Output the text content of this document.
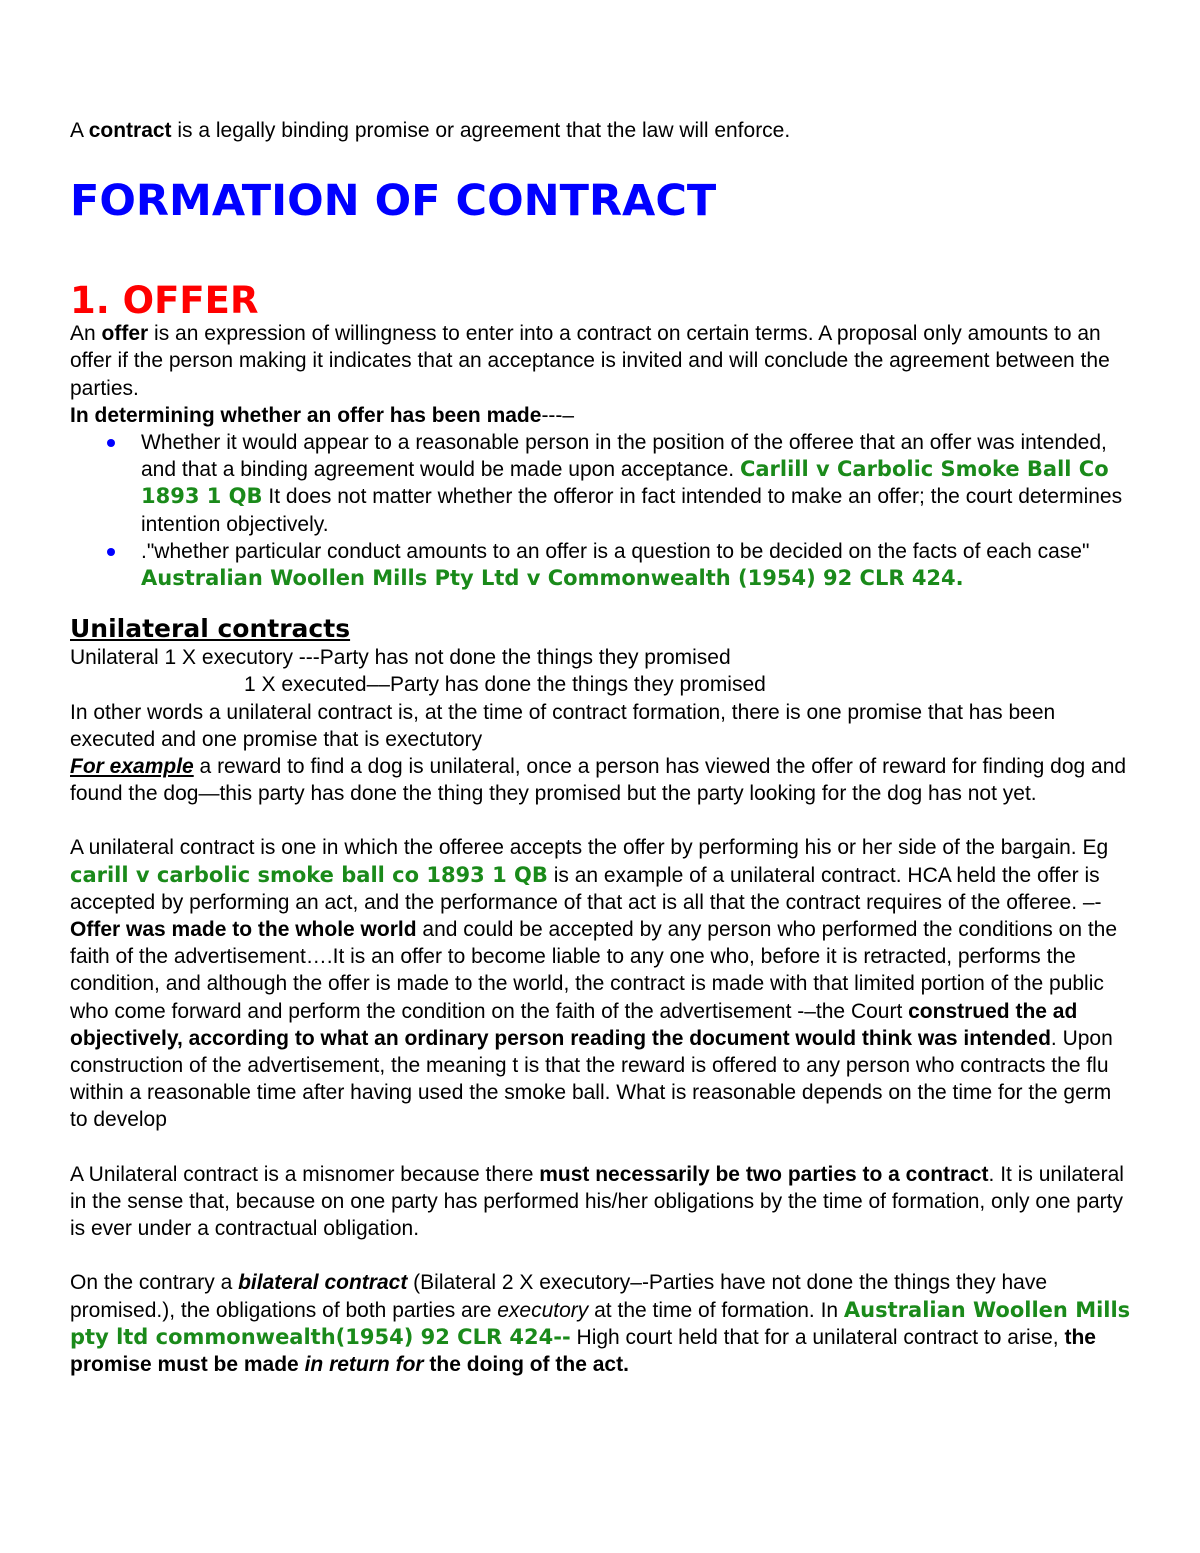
A contract is a legally binding promise or agreement that the law will enforce.

FORMATION OF CONTRACT
1. OFFER

An offer is an expression of willingness to enter into a contract on certain terms. A proposal only amounts to an offer if the person making it indicates that an acceptance is invited and will conclude the agreement between the parties.

In determining whether an offer has been made---–

Whether it would appear to a reasonable person in the position of the offeree that an offer was intended, and that a binding agreement would be made upon acceptance. Carlill v Carbolic Smoke Ball Co 1893 1 QB It does not matter whether the offeror in fact intended to make an offer; the court determines intention objectively.
."whether particular conduct amounts to an offer is a question to be decided on the facts of each case" Australian Woollen Mills Pty Ltd v Commonwealth (1954) 92 CLR 424.
Unilateral contracts

Unilateral 1 X executory ---Party has not done the things they promised

1 X executed––Party has done the things they promised

In other words a unilateral contract is, at the time of contract formation, there is one promise that has been executed and one promise that is exectutory

For example a reward to find a dog is unilateral, once a person has viewed the offer of reward for finding dog and found the dog—this party has done the thing they promised but the party looking for the dog has not yet.

A unilateral contract is one in which the offeree accepts the offer by performing his or her side of the bargain. Eg carill v carbolic smoke ball co 1893 1 QB is an example of a unilateral contract. HCA held the offer is accepted by performing an act, and the performance of that act is all that the contract requires of the offeree. –-Offer was made to the whole world and could be accepted by any person who performed the conditions on the faith of the advertisement….It is an offer to become liable to any one who, before it is retracted, performs the condition, and although the offer is made to the world, the contract is made with that limited portion of the public who come forward and perform the condition on the faith of the advertisement -–the Court construed the ad objectively, according to what an ordinary person reading the document would think was intended. Upon construction of the advertisement, the meaning t is that the reward is offered to any person who contracts the flu within a reasonable time after having used the smoke ball. What is reasonable depends on the time for the germ to develop

A Unilateral contract is a misnomer because there must necessarily be two parties to a contract. It is unilateral in the sense that, because on one party has performed his/her obligations by the time of formation, only one party is ever under a contractual obligation.

On the contrary a bilateral contract (Bilateral 2 X executory–-Parties have not done the things they have promised.), the obligations of both parties are executory at the time of formation. In Australian Woollen Mills pty ltd commonwealth(1954) 92 CLR 424-- High court held that for a unilateral contract to arise, the promise must be made in return for the doing of the act.
